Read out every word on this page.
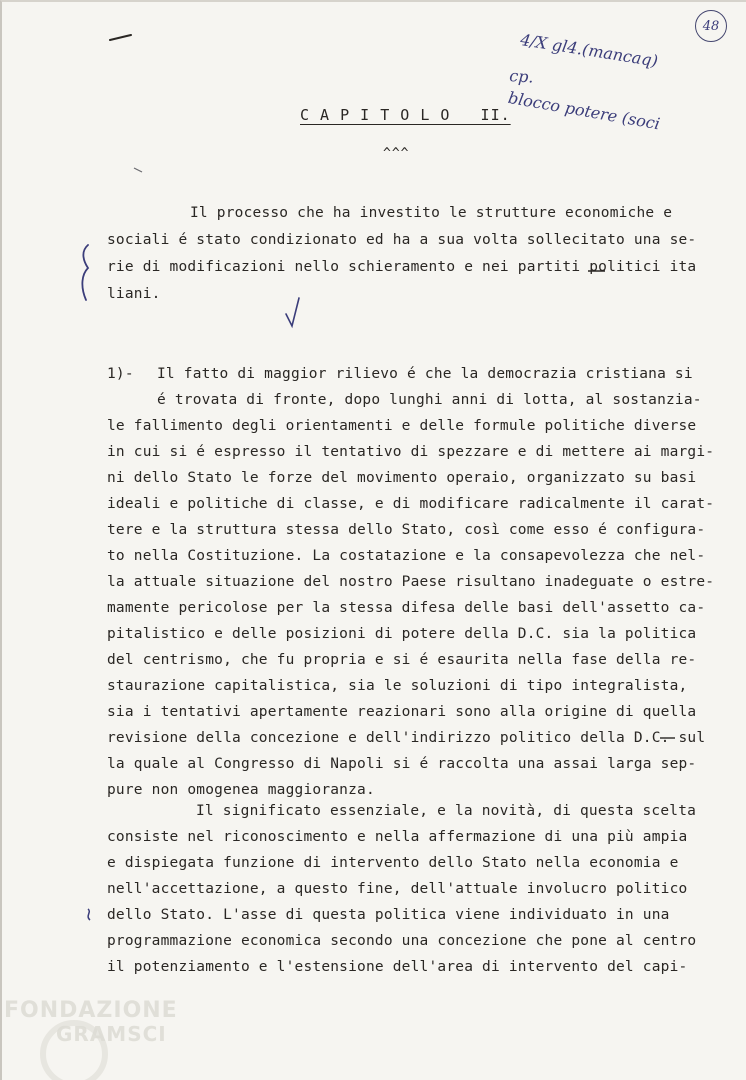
48
4/X gl4.(mancaq)
cp.
blocco potere (soci
C A P I T O L O   II.
^^^
Il processo che ha investito le strutture economiche e
sociali é stato condizionato ed ha a sua volta sollecitato una se-
rie di modificazioni nello schieramento e nei partiti politici ita
liani.
1)- Il fatto di maggior rilievo é che la democrazia cristiana si
é trovata di fronte, dopo lunghi anni di lotta, al sostanzia-
le fallimento degli orientamenti e delle formule politiche diverse
in cui si é espresso il tentativo di spezzare e di mettere ai margi-
ni dello Stato le forze del movimento operaio, organizzato su basi
ideali e politiche di classe, e di modificare radicalmente il carat-
tere e la struttura stessa dello Stato, così come esso é configura-
to nella Costituzione. La costatazione e la consapevolezza che nel-
la attuale situazione del nostro Paese risultano inadeguate o estre-
mamente pericolose per la stessa difesa delle basi dell'assetto ca-
pitalistico e delle posizioni di potere della D.C. sia la politica
del centrismo, che fu propria e si é esaurita nella fase della re-
staurazione capitalistica, sia le soluzioni di tipo integralista,
sia i tentativi apertamente reazionari sono alla origine di quella
revisione della concezione e dell'indirizzo politico della D.C. sul
la quale al Congresso di Napoli si é raccolta una assai larga sep-
pure non omogenea maggioranza.
Il significato essenziale, e la novità, di questa scelta
consiste nel riconoscimento e nella affermazione di una più ampia
e dispiegata funzione di intervento dello Stato nella economia e
nell'accettazione, a questo fine, dell'attuale involucro politico
dello Stato. L'asse di questa politica viene individuato in una
programmazione economica secondo una concezione che pone al centro
il potenziamento e l'estensione dell'area di intervento del capi-
FONDAZIONE
GRAMSCI
